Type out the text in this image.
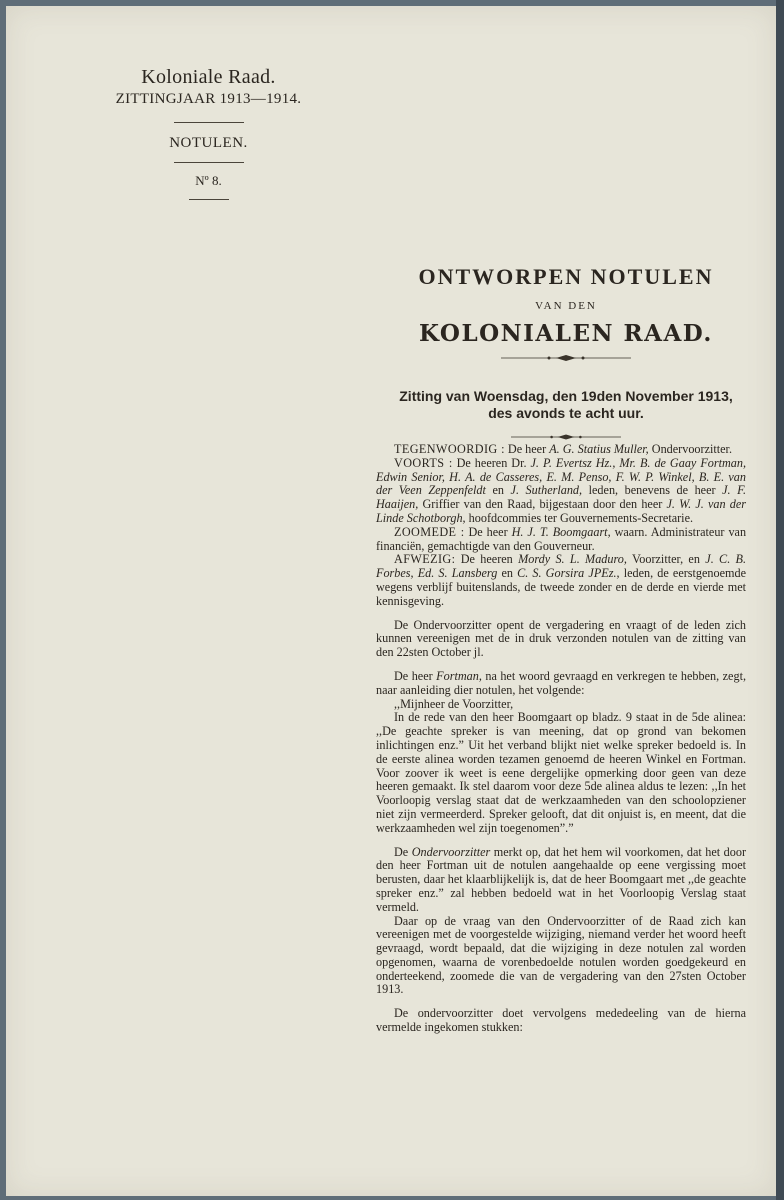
Koloniale Raad.
ZITTINGJAAR 1913—1914.
NOTULEN.
Nº 8.
ONTWORPEN NOTULEN
VAN DEN
KOLONIALEN RAAD.
Zitting van Woensdag, den 19den November 1913,
des avonds te acht uur.

TEGENWOORDIG : De heer A. G. Statius Muller, Ondervoorzitter.

VOORTS : De heeren Dr. J. P. Evertsz Hz., Mr. B. de Gaay Fortman, Edwin Senior, H. A. de Casseres, E. M. Penso, F. W. P. Winkel, B. E. van der Veen Zeppenfeldt en J. Sutherland, leden, benevens de heer J. F. Haaijen, Griffier van den Raad, bijgestaan door den heer J. W. J. van der Linde Schotborgh, hoofdcommies ter Gouvernements-Secretarie.

ZOOMEDE : De heer H. J. T. Boomgaart, waarn. Administrateur van financiën, gemachtigde van den Gouverneur.

AFWEZIG: De heeren Mordy S. L. Maduro, Voorzitter, en J. C. B. Forbes, Ed. S. Lansberg en C. S. Gorsira JPEz., leden, de eerstgenoemde wegens verblijf buitenslands, de tweede zonder en de derde en vierde met kennisgeving.

De Ondervoorzitter opent de vergadering en vraagt of de leden zich kunnen vereenigen met de in druk verzonden notulen van de zitting van den 22sten October jl.

De heer Fortman, na het woord gevraagd en verkregen te hebben, zegt, naar aanleiding dier notulen, het volgende:

,,Mijnheer de Voorzitter,

In de rede van den heer Boomgaart op bladz. 9 staat in de 5de alinea: ,,De geachte spreker is van meening, dat op grond van bekomen inlichtingen enz.” Uit het verband blijkt niet welke spreker bedoeld is. In de eerste alinea worden tezamen genoemd de heeren Winkel en Fortman. Voor zoover ik weet is eene dergelijke opmerking door geen van deze heeren gemaakt. Ik stel daarom voor deze 5de alinea aldus te lezen: ,,In het Voorloopig verslag staat dat de werkzaamheden van den schoolopziener niet zijn vermeerderd. Spreker gelooft, dat dit onjuist is, en meent, dat die werkzaamheden wel zijn toegenomen”.”

De Ondervoorzitter merkt op, dat het hem wil voorkomen, dat het door den heer Fortman uit de notulen aangehaalde op eene vergissing moet berusten, daar het klaarblijkelijk is, dat de heer Boomgaart met ,,de geachte spreker enz.” zal hebben bedoeld wat in het Voorloopig Verslag staat vermeld.

Daar op de vraag van den Ondervoorzitter of de Raad zich kan vereenigen met de voorgestelde wijziging, niemand verder het woord heeft gevraagd, wordt bepaald, dat die wijziging in deze notulen zal worden opgenomen, waarna de vorenbedoelde notulen worden goedgekeurd en onderteekend, zoomede die van de vergadering van den 27sten October 1913.

De ondervoorzitter doet vervolgens mededeeling van de hierna vermelde ingekomen stukken:
